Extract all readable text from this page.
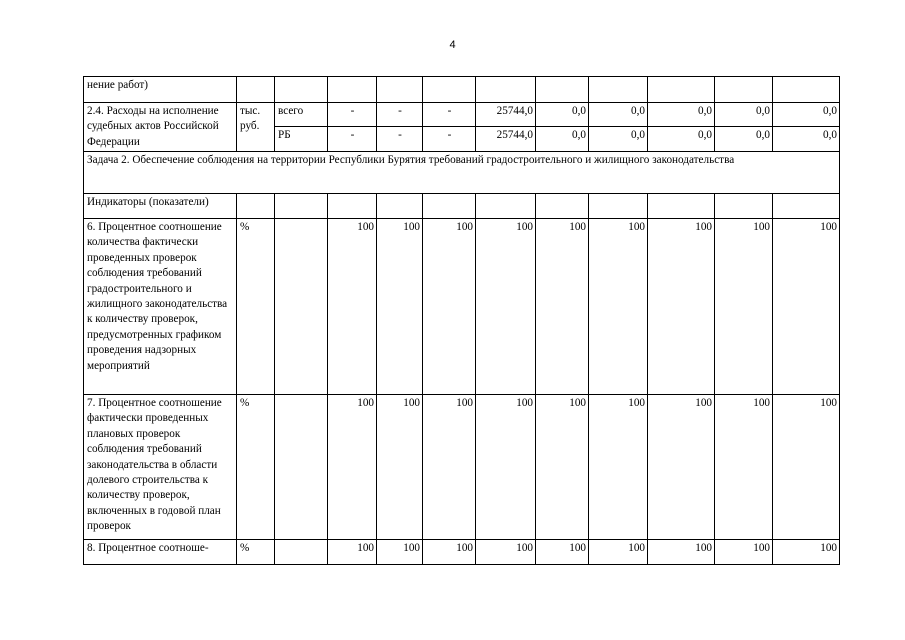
4
нение работ)											
2.4. Расходы на исполнение судебных актов Российской Федерации	тыс. руб.	всего	-	-	-	25744,0	0,0	0,0	0,0	0,0	0,0
		РБ	-	-	-	25744,0	0,0	0,0	0,0	0,0	0,0
Задача 2. Обеспечение соблюдения на территории Республики Бурятия требований градостроительного и жилищного законодательства											
Индикаторы (показатели)											
6. Процентное соотношение количества фактически проведенных проверок соблюдения требований градостроительного и жилищного законодательства к количеству проверок, предусмотренных графиком проведения надзорных мероприятий	%		100	100	100	100	100	100	100	100	100
7. Процентное соотношение фактически проведенных плановых проверок соблюдения требований законодательства в области долевого строительства к количеству проверок, включенных в годовой план проверок	%		100	100	100	100	100	100	100	100	100
8. Процентное соотноше-	%		100	100	100	100	100	100	100	100	100
